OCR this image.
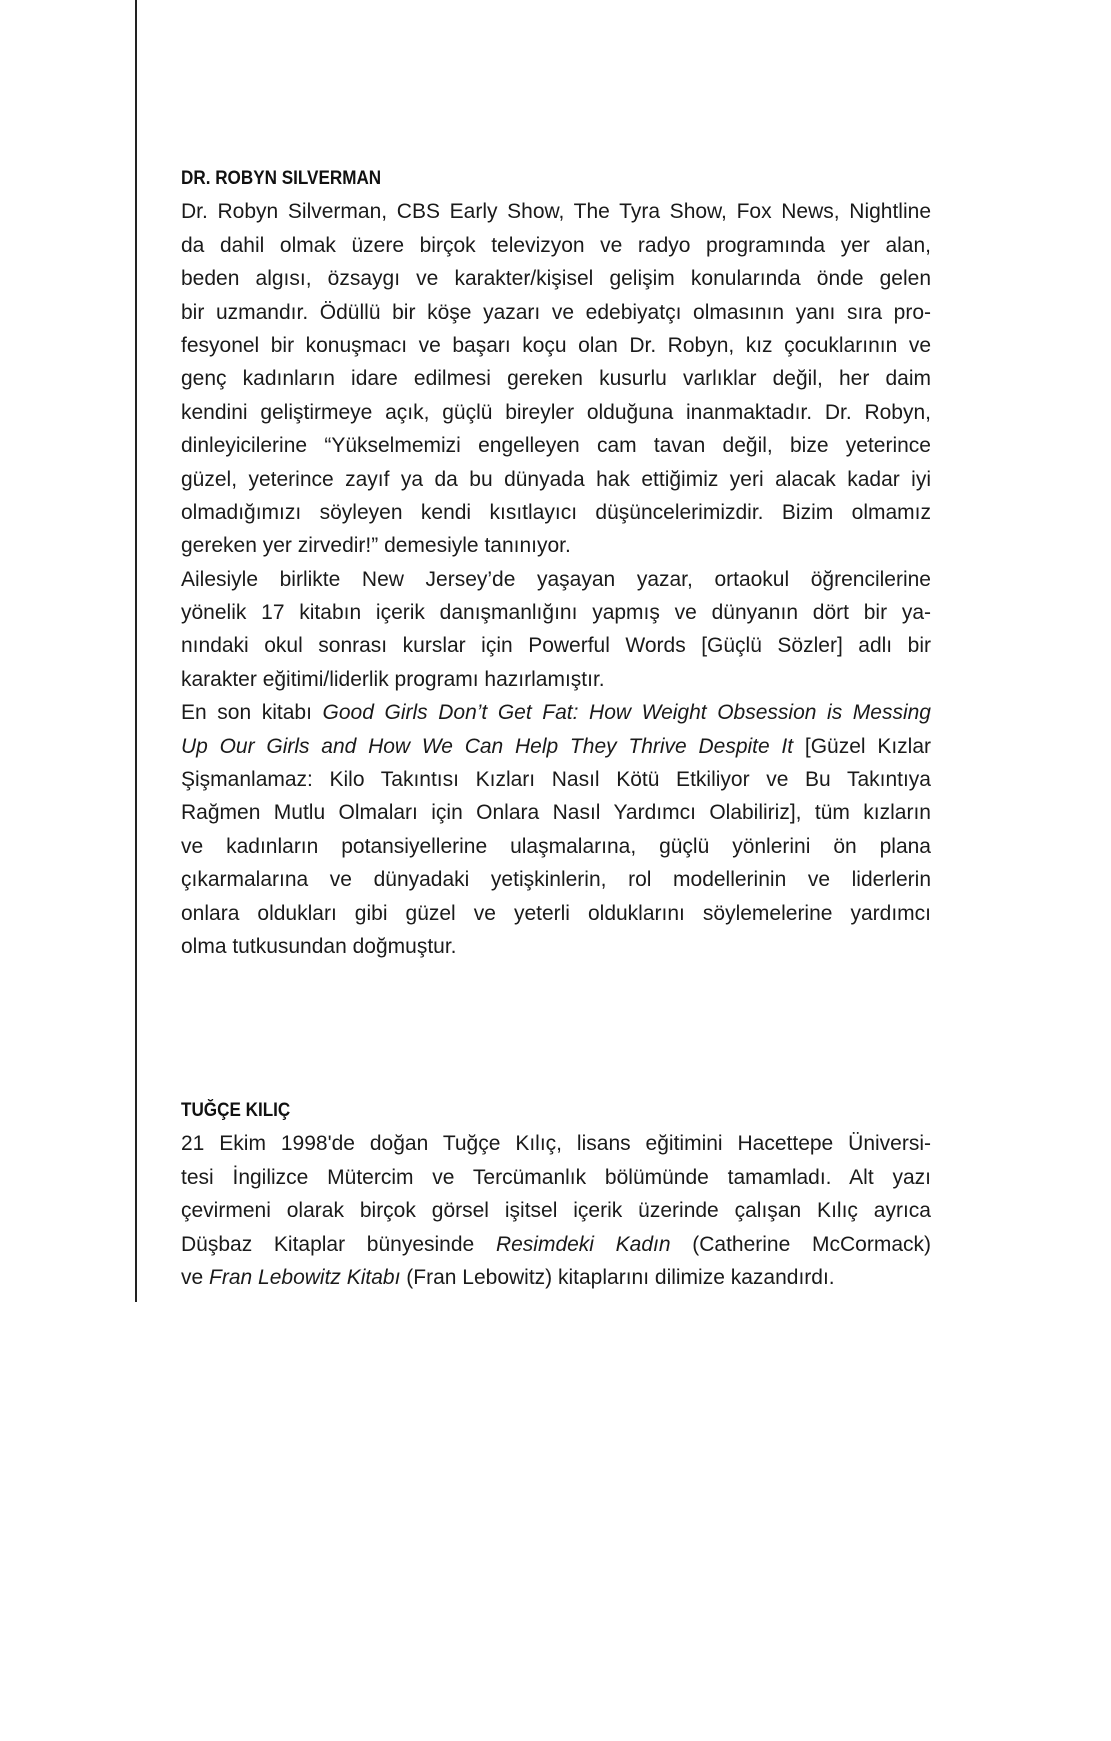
DR. ROBYN SILVERMAN
Dr. Robyn Silverman, CBS Early Show, The Tyra Show, Fox News, Nightline
da dahil olmak üzere birçok televizyon ve radyo programında yer alan,
beden algısı, özsaygı ve karakter/kişisel gelişim konularında önde gelen
bir uzmandır. Ödüllü bir köşe yazarı ve edebiyatçı olmasının yanı sıra pro-
fesyonel bir konuşmacı ve başarı koçu olan Dr. Robyn, kız çocuklarının ve
genç kadınların idare edilmesi gereken kusurlu varlıklar değil, her daim
kendini geliştirmeye açık, güçlü bireyler olduğuna inanmaktadır. Dr. Robyn,
dinleyicilerine “Yükselmemizi engelleyen cam tavan değil, bize yeterince
güzel, yeterince zayıf ya da bu dünyada hak ettiğimiz yeri alacak kadar iyi
olmadığımızı söyleyen kendi kısıtlayıcı düşüncelerimizdir. Bizim olmamız
gereken yer zirvedir!” demesiyle tanınıyor.
Ailesiyle birlikte New Jersey’de yaşayan yazar, ortaokul öğrencilerine
yönelik 17 kitabın içerik danışmanlığını yapmış ve dünyanın dört bir ya-
nındaki okul sonrası kurslar için Powerful Words [Güçlü Sözler] adlı bir
karakter eğitimi/liderlik programı hazırlamıştır.
En son kitabı Good Girls Don’t Get Fat: How Weight Obsession is Messing
Up Our Girls and How We Can Help They Thrive Despite It [Güzel Kızlar
Şişmanlamaz: Kilo Takıntısı Kızları Nasıl Kötü Etkiliyor ve Bu Takıntıya
Rağmen Mutlu Olmaları için Onlara Nasıl Yardımcı Olabiliriz], tüm kızların
ve kadınların potansiyellerine ulaşmalarına, güçlü yönlerini ön plana
çıkarmalarına ve dünyadaki yetişkinlerin, rol modellerinin ve liderlerin
onlara oldukları gibi güzel ve yeterli olduklarını söylemelerine yardımcı
olma tutkusundan doğmuştur.
TUĞÇE KILIÇ
21 Ekim 1998'de doğan Tuğçe Kılıç, lisans eğitimini Hacettepe Üniversi-
tesi İngilizce Mütercim ve Tercümanlık bölümünde tamamladı. Alt yazı
çevirmeni olarak birçok görsel işitsel içerik üzerinde çalışan Kılıç ayrıca
Düşbaz Kitaplar bünyesinde Resimdeki Kadın (Catherine McCormack)
ve Fran Lebowitz Kitabı (Fran Lebowitz) kitaplarını dilimize kazandırdı.
